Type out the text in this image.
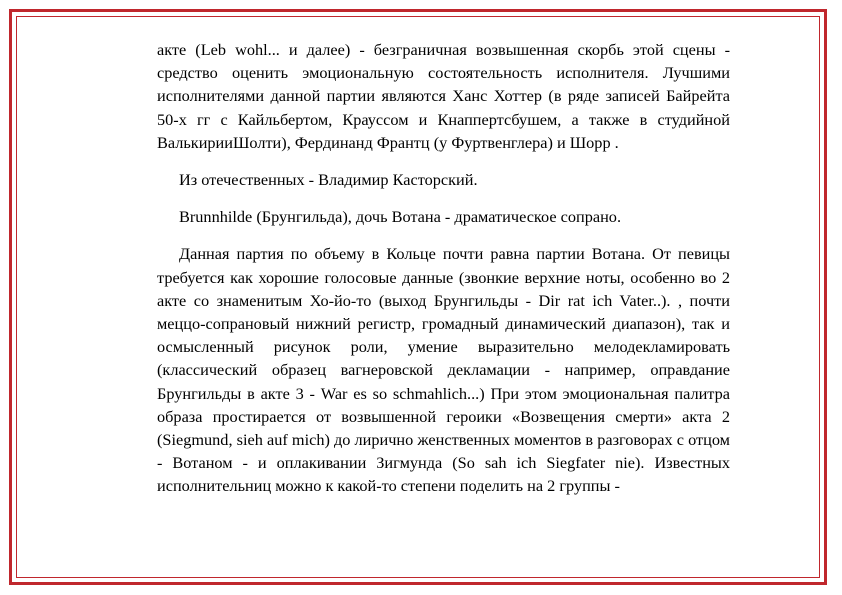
акте (Leb wohl... и далее) - безграничная возвышенная скорбь этой сцены - средство оценить эмоциональную состоятельность исполнителя. Лучшими исполнителями данной партии являются Ханс Хоттер (в ряде записей Байрейта 50-х гг с Кайльбертом, Крауссом и Кнаппертсбушем, а также в студийной ВалькирииШолти), Фердинанд Франтц (у Фуртвенглера) и Шорр .

Из отечественных - Владимир Касторский.

Brunnhilde (Брунгильда), дочь Вотана - драматическое сопрано.

Данная партия по объему в Кольце почти равна партии Вотана. От певицы требуется как хорошие голосовые данные (звонкие верхние ноты, особенно во 2 акте со знаменитым Хо-йо-то (выход Брунгильды - Dir rat ich Vater..). , почти меццо-сопрановый нижний регистр, громадный динамический диапазон), так и осмысленный рисунок роли, умение выразительно мелодекламировать (классический образец вагнеровской декламации - например, оправдание Брунгильды в акте 3 - War es so schmahlich...) При этом эмоциональная палитра образа простирается от возвышенной героики «Возвещения смерти» акта 2 (Siegmund, sieh auf mich) до лирично женственных моментов в разговорах с отцом - Вотаном - и оплакивании Зигмунда (So sah ich Siegfater nie). Известных исполнительниц можно к какой-то степени поделить на 2 группы -
